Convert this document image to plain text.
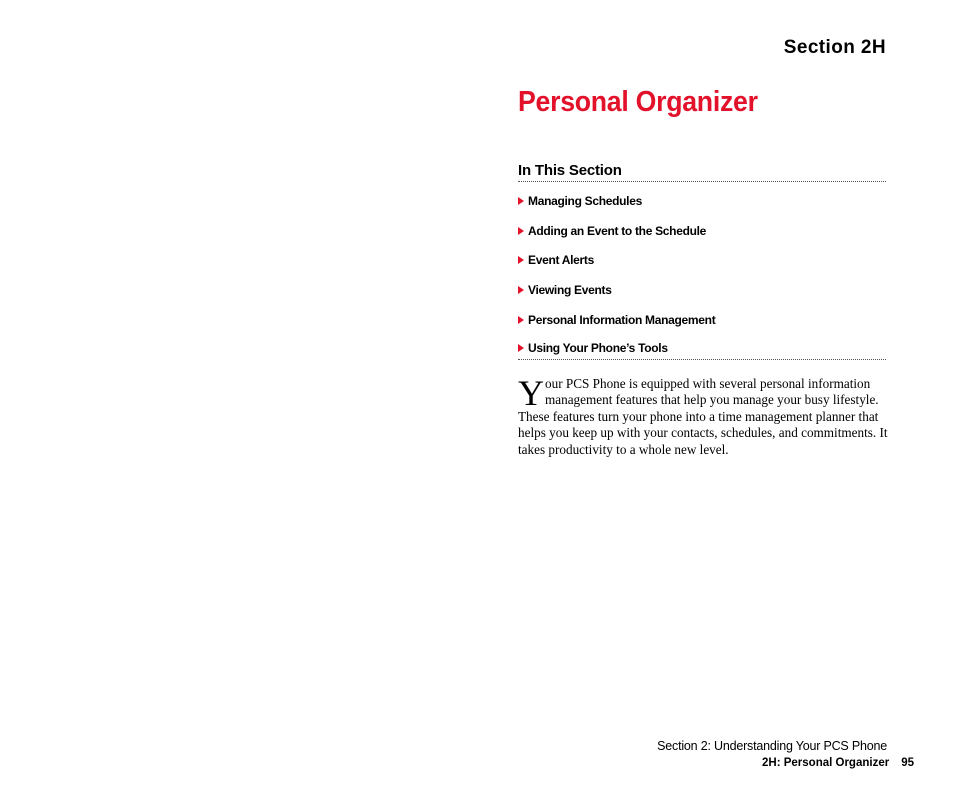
Section 2H
Personal Organizer
In This Section
Managing Schedules
Adding an Event to the Schedule
Event Alerts
Viewing Events
Personal Information Management
Using Your Phone’s Tools

Your PCS Phone is equipped with several personal information management features that help you manage your busy lifestyle. These features turn your phone into a time management planner that helps you keep up with your contacts, schedules, and commitments. It takes productivity to a whole new level.

Section 2: Understanding Your PCS Phone
2H: Personal Organizer 95
